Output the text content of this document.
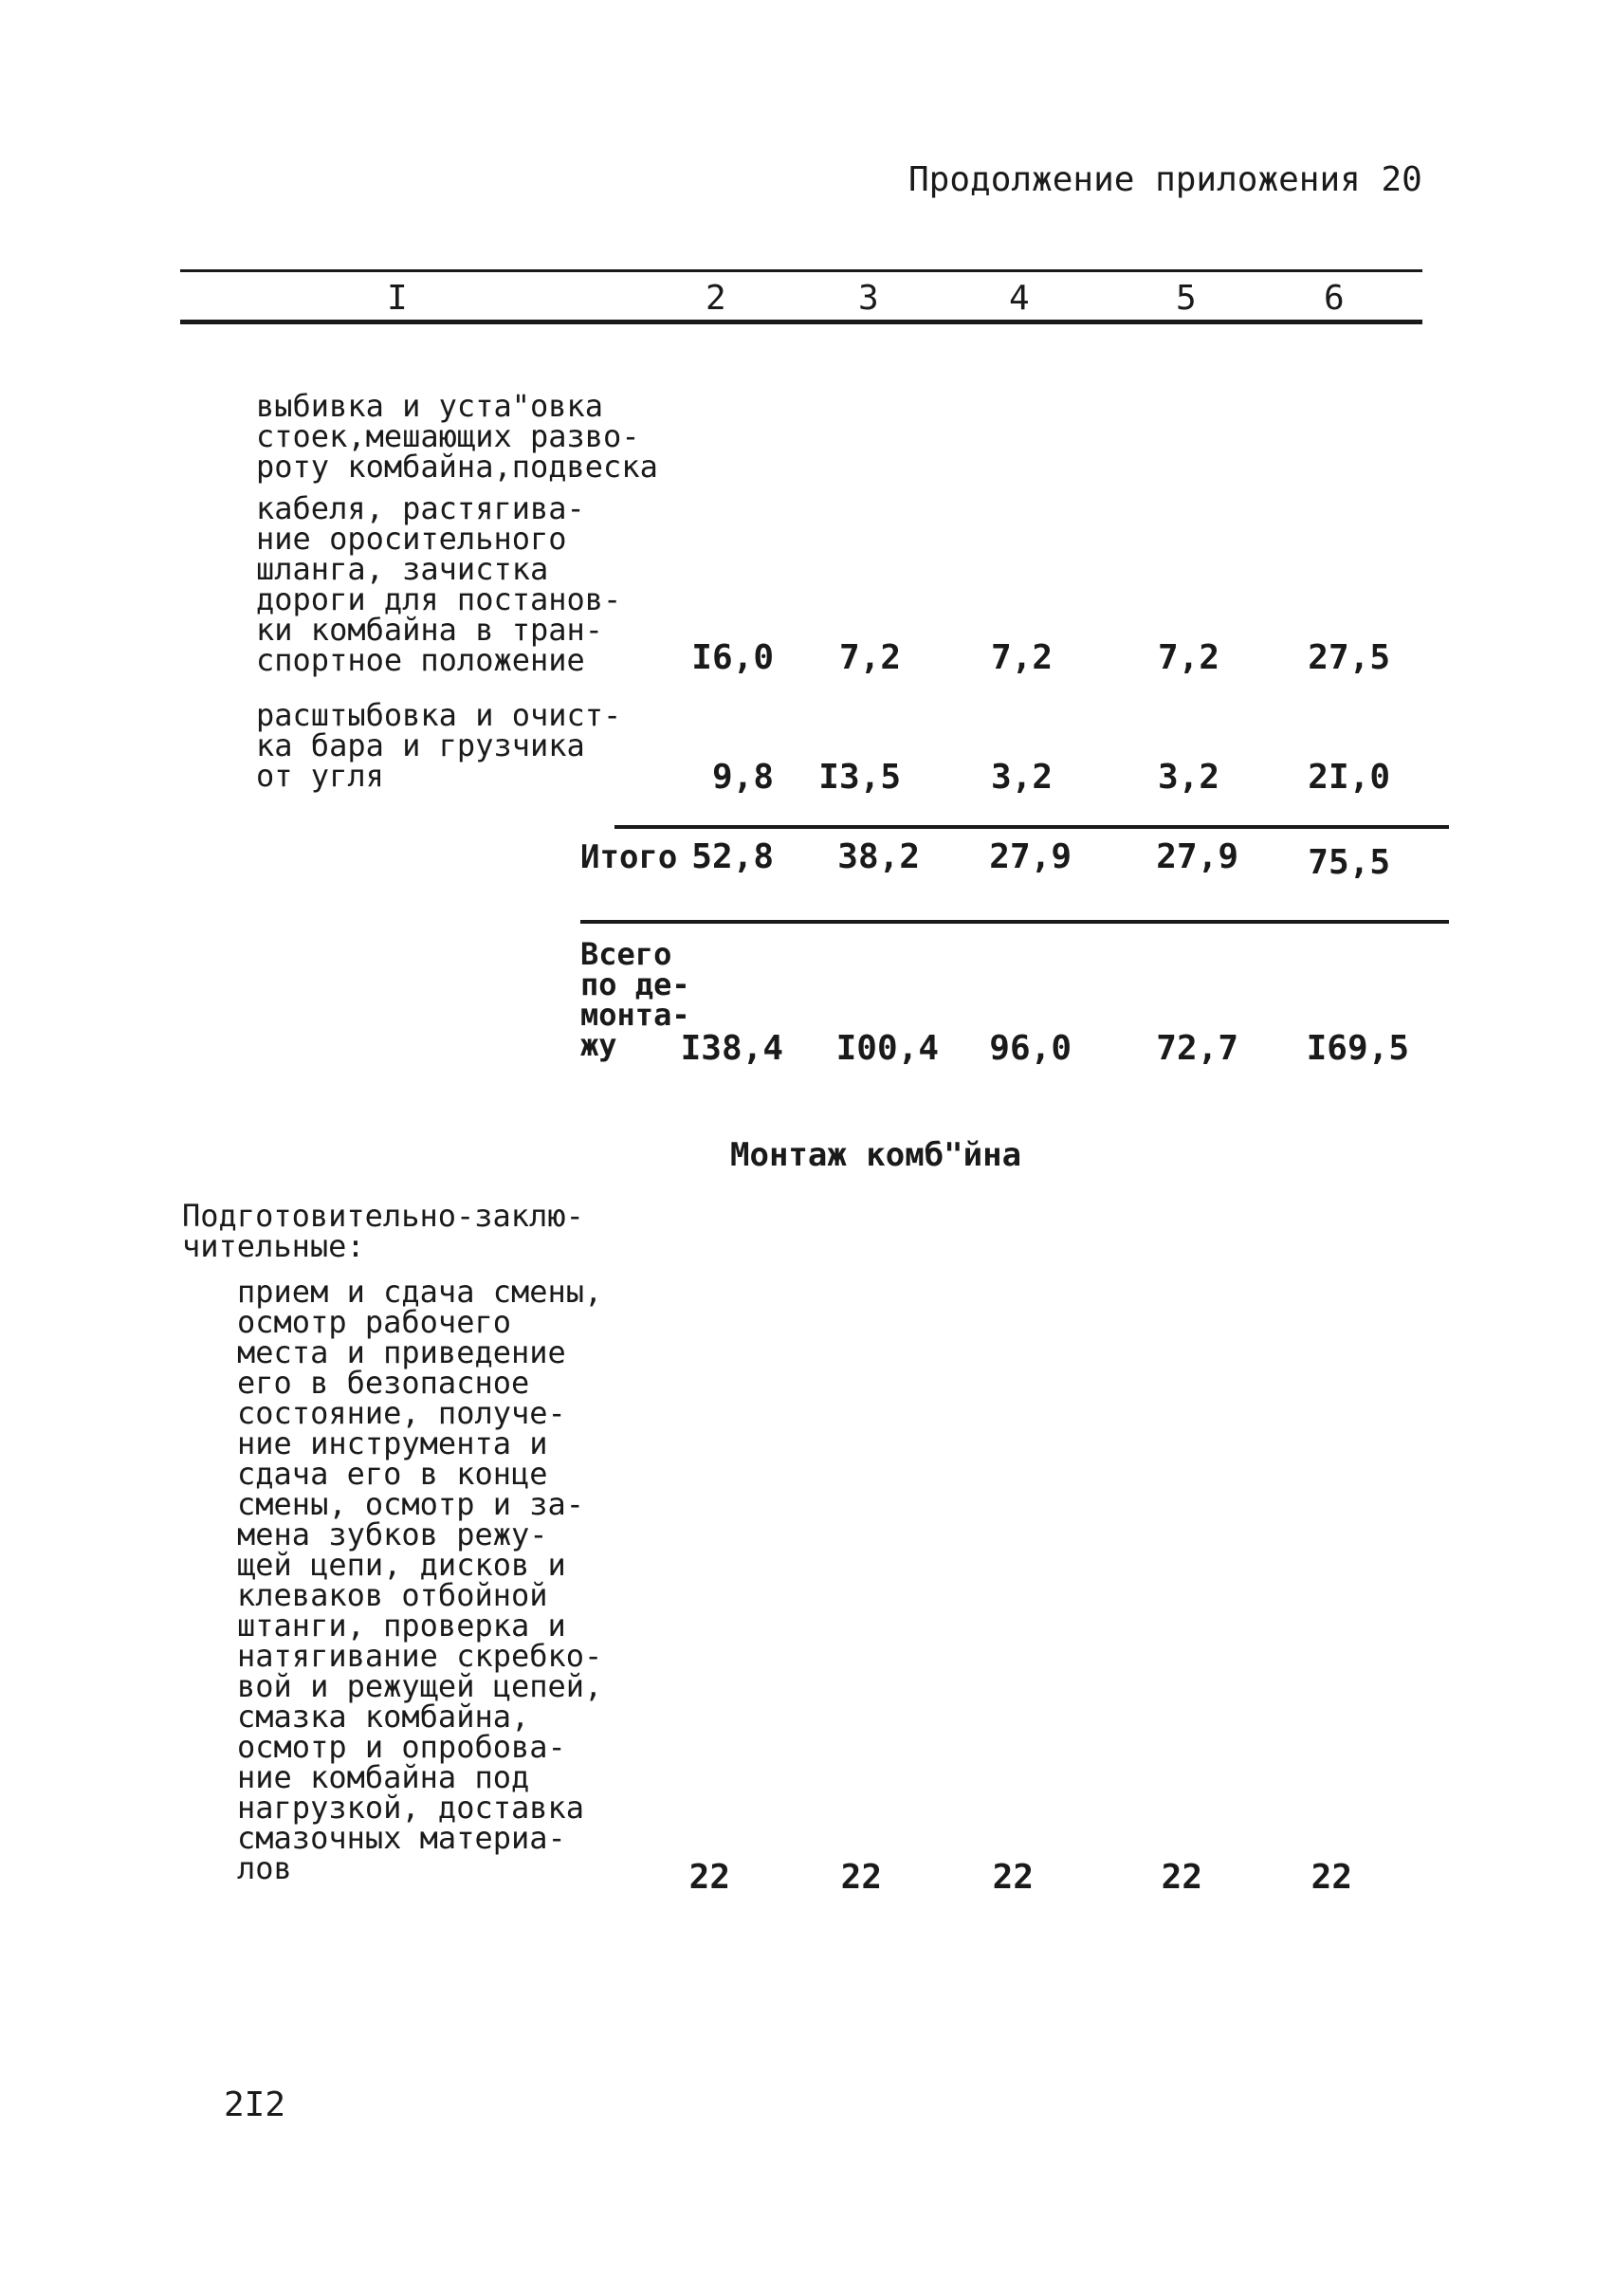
Продолжение приложения 20
I	2	3	4	5	6
выбивка и уста"овка
стоек,мешающих разво-
роту комбайна,подвеска
кабеля, растягива-
ние оросительного
шланга, зачистка
дороги для постанов-
ки комбайна в тран-
спортное положение	I6,0	7,2	7,2	7,2	27,5
расштыбовка и очист-
ка бара и грузчика
от угля	9,8	I3,5	3,2	3,2	2I,0
Итого 52,8	38,2	27,9	27,9	75,5
Всего
по де-
монта-
жу	I38,4	I00,4	96,0	72,7	I69,5
Монтаж комб"йна
Подготовительно-заклю-
чительные:
прием и сдача смены,
осмотр рабочего
места и приведение
его в безопасное
состояние, получе-
ние инструмента и
сдача его в конце
смены, осмотр и за-
мена зубков режу-
щей цепи, дисков и
клеваков отбойной
штанги, проверка и
натягивание скребко-
вой и режущей цепей,
смазка комбайна,
осмотр и опробова-
ние комбайна под
нагрузкой, доставка
смазочных материа-
лов	22	22	22	22	22
2I2
